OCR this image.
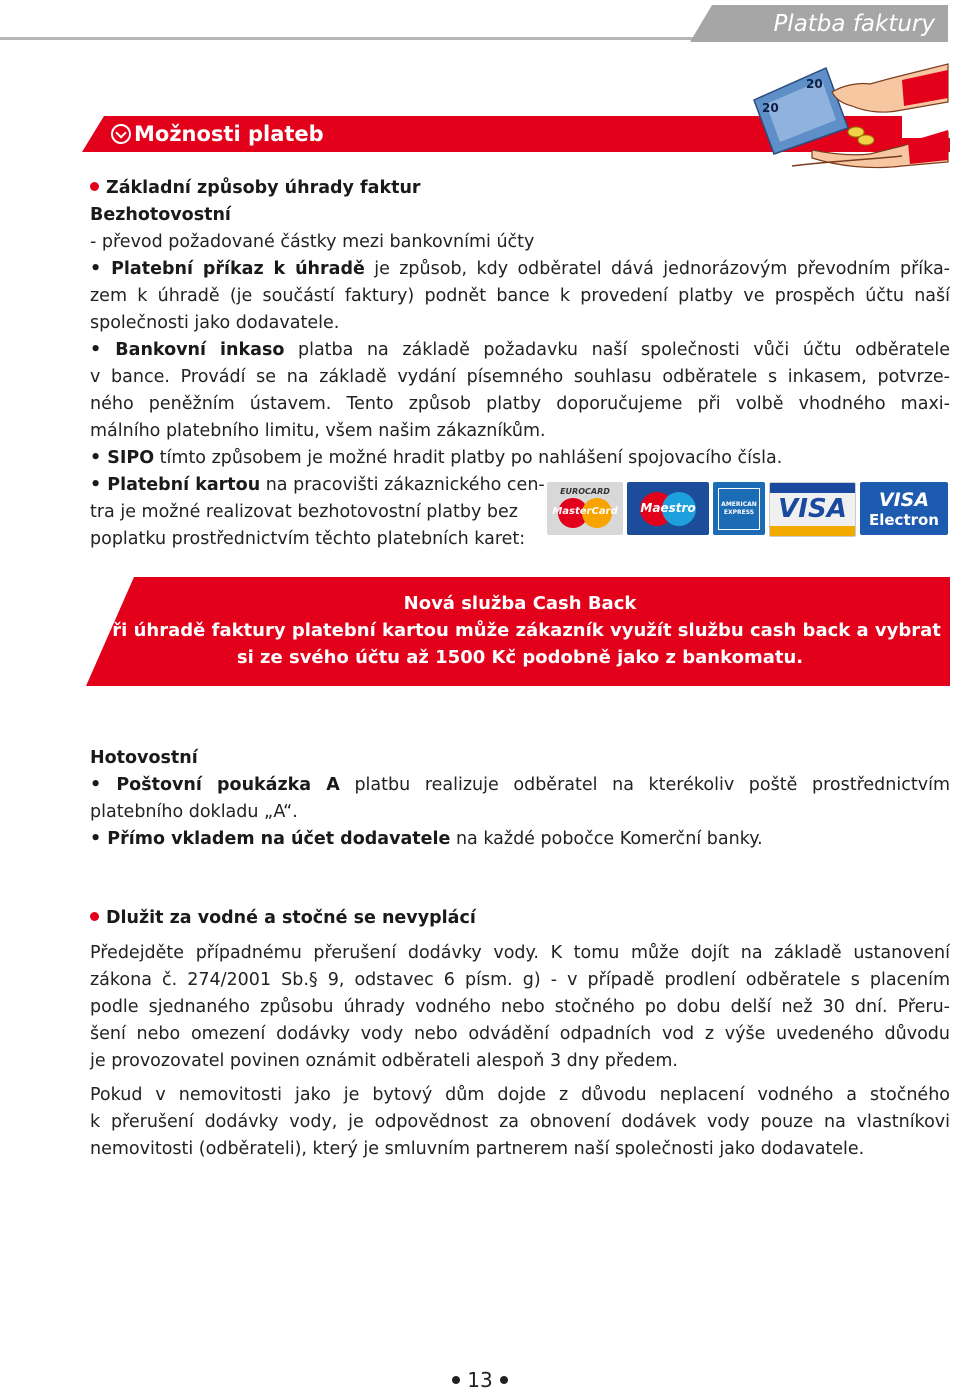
Platba faktury
Možnosti plateb
20
20
Základní způsoby úhrady faktur
Bezhotovostní
- převod požadované částky mezi bankovními účty
• Platební příkaz k úhradě je způsob, kdy odběratel dává jednorázovým převodním příka-
zem k úhradě (je součástí faktury) podnět bance k provedení platby ve prospěch účtu naší
společnosti jako dodavatele.
• Bankovní inkaso platba na základě požadavku naší společnosti vůči účtu odběratele
v bance. Provádí se na základě vydání písemného souhlasu odběratele s inkasem, potvrze-
ného peněžním ústavem. Tento způsob platby doporučujeme při volbě vhodného maxi-
málního platebního limitu, všem našim zákazníkům.
• SIPO tímto způsobem je možné hradit platby po nahlášení spojovacího čísla.
• Platební kartou na pracovišti zákaznického cen-
tra je možné realizovat bezhotovostní platby bez
poplatku prostřednictvím těchto platebních karet:
EUROCARD
MasterCard	Maestro	AMERICAN EXPRESS VISA VISA
Electron
Nová služba Cash Back
Při úhradě faktury platební kartou může zákazník využít službu cash back a vybrat
si ze svého účtu až 1500 Kč podobně jako z bankomatu.
Hotovostní
• Poštovní poukázka A platbu realizuje odběratel na kterékoliv poště prostřednictvím
platebního dokladu „A“.
• Přímo vkladem na účet dodavatele na každé pobočce Komerční banky.
Dlužit za vodné a stočné se nevyplácí
Předejděte případnému přerušení dodávky vody. K tomu může dojít na základě ustanovení
zákona č. 274/2001 Sb.§ 9, odstavec 6 písm. g) - v případě prodlení odběratele s placením
podle sjednaného způsobu úhrady vodného nebo stočného po dobu delší než 30 dní. Přeru-
šení nebo omezení dodávky vody nebo odvádění odpadních vod z výše uvedeného důvodu
je provozovatel povinen oznámit odběrateli alespoň 3 dny předem.
Pokud v nemovitosti jako je bytový dům dojde z důvodu neplacení vodného a stočného
k přerušení dodávky vody, je odpovědnost za obnovení dodávek vody pouze na vlastníkovi
nemovitosti (odběrateli), který je smluvním partnerem naší společnosti jako dodavatele.
13
